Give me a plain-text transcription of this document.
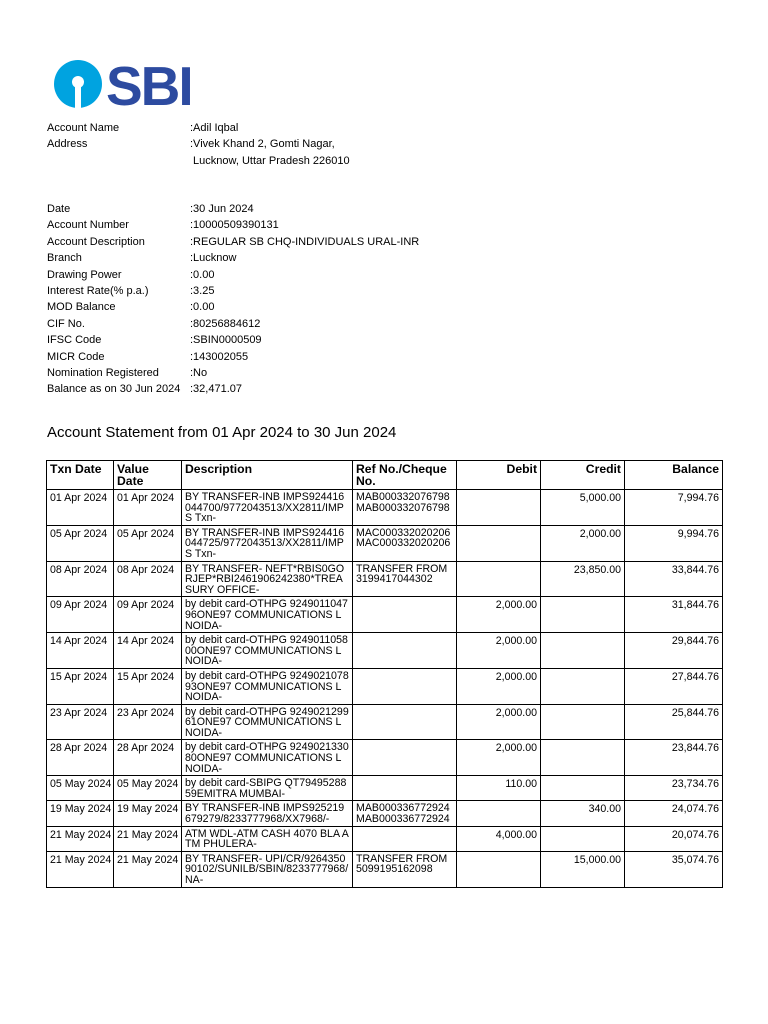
SBI
Account Name	:Adil Iqbal
Address	:Vivek Khand 2, Gomti Nagar,
Lucknow, Uttar Pradesh 226010
Date	:30 Jun 2024
Account Number	:10000509390131
Account Description	:REGULAR SB CHQ-INDIVIDUALS URAL-INR
Branch	:Lucknow
Drawing Power	:0.00
Interest Rate(% p.a.)	:3.25
MOD Balance	:0.00
CIF No.	:80256884612
IFSC Code	:SBIN0000509
MICR Code	:143002055
Nomination Registered	:No
Balance as on 30 Jun 2024 :32,471.07
Account Statement from 01 Apr 2024 to 30 Jun 2024
Txn Date	Value Date	Description	Ref No./Cheque No.	Debit	Credit	Balance
01 Apr 2024	01 Apr 2024	BY TRANSFER-INB IMPS924416044700/9772043513/XX2811/IMPS Txn-	MAB000332076798 MAB000332076798		5,000.00	7,994.76
05 Apr 2024	05 Apr 2024	BY TRANSFER-INB IMPS924416044725/9772043513/XX2811/IMPS Txn-	MAC000332020206 MAC000332020206		2,000.00	9,994.76
08 Apr 2024	08 Apr 2024	BY TRANSFER- NEFT*RBIS0GORJEP*RBI2461906242380*TREASURY OFFICE-	TRANSFER FROM 3199417044302		23,850.00	33,844.76
09 Apr 2024	09 Apr 2024	by debit card-OTHPG 924901104796ONE97 COMMUNICATIONS LNOIDA-		2,000.00		31,844.76
14 Apr 2024	14 Apr 2024	by debit card-OTHPG 924901105800ONE97 COMMUNICATIONS LNOIDA-		2,000.00		29,844.76
15 Apr 2024	15 Apr 2024	by debit card-OTHPG 924902107893ONE97 COMMUNICATIONS LNOIDA-		2,000.00		27,844.76
23 Apr 2024	23 Apr 2024	by debit card-OTHPG 924902129961ONE97 COMMUNICATIONS LNOIDA-		2,000.00		25,844.76
28 Apr 2024	28 Apr 2024	by debit card-OTHPG 924902133080ONE97 COMMUNICATIONS LNOIDA-		2,000.00		23,844.76
05 May 2024	05 May 2024	by debit card-SBIPG QT7949528859EMITRA MUMBAI-		110.00		23,734.76
19 May 2024	19 May 2024	BY TRANSFER-INB IMPS925219679279/8233777968/XX7968/-	MAB000336772924 MAB000336772924		340.00	24,074.76
21 May 2024	21 May 2024	ATM WDL-ATM CASH 4070 BLA ATM PHULERA-		4,000.00		20,074.76
21 May 2024	21 May 2024	BY TRANSFER- UPI/CR/926435090102/SUNILB/SBIN/8233777968/NA-	TRANSFER FROM 5099195162098		15,000.00	35,074.76
